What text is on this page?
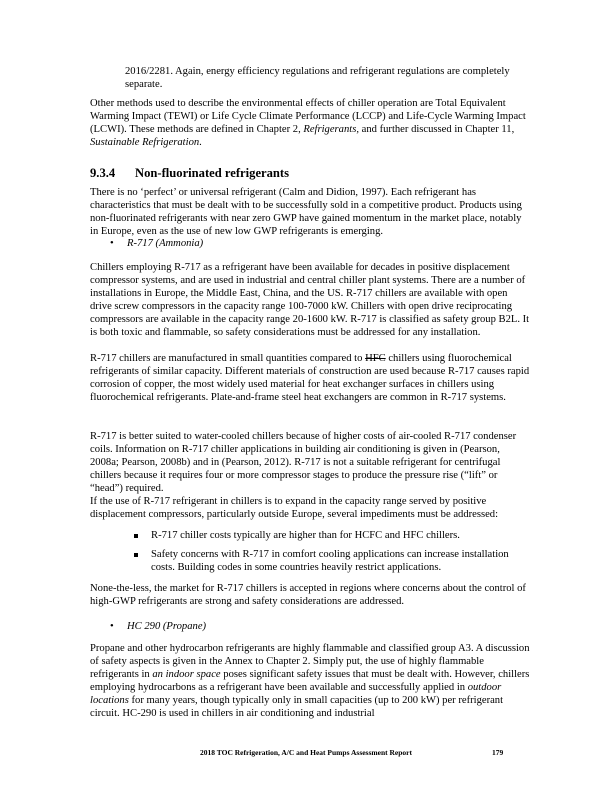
2016/2281. Again, energy efficiency regulations and refrigerant regulations are completely separate.

Other methods used to describe the environmental effects of chiller operation are Total Equivalent Warming Impact (TEWI) or Life Cycle Climate Performance (LCCP) and Life-Cycle Warming Impact (LCWI). These methods are defined in Chapter 2, Refrigerants, and further discussed in Chapter 11, Sustainable Refrigeration.

9.3.4 Non-fluorinated refrigerants

There is no ‘perfect’ or universal refrigerant (Calm and Didion, 1997). Each refrigerant has characteristics that must be dealt with to be successfully sold in a competitive product. Products using non-fluorinated refrigerants with near zero GWP have gained momentum in the market place, notably in Europe, even as the use of new low GWP refrigerants is emerging.

• R-717 (Ammonia)

Chillers employing R-717 as a refrigerant have been available for decades in positive displacement compressor systems, and are used in industrial and central chiller plant systems. There are a number of installations in Europe, the Middle East, China, and the US. R-717 chillers are available with open drive screw compressors in the capacity range 100-7000 kW. Chillers with open drive reciprocating compressors are available in the capacity range 20-1600 kW. R-717 is classified as safety group B2L. It is both toxic and flammable, so safety considerations must be addressed for any installation.

R-717 chillers are manufactured in small quantities compared to HFC chillers using fluorochemical refrigerants of similar capacity. Different materials of construction are used because R-717 causes rapid corrosion of copper, the most widely used material for heat exchanger surfaces in chillers using fluorochemical refrigerants. Plate-and-frame steel heat exchangers are common in R-717 systems.

R-717 is better suited to water-cooled chillers because of higher costs of air-cooled R-717 condenser coils. Information on R-717 chiller applications in building air conditioning is given in (Pearson, 2008a; Pearson, 2008b) and in (Pearson, 2012). R-717 is not a suitable refrigerant for centrifugal chillers because it requires four or more compressor stages to produce the pressure rise (“lift” or “head”) required.

If the use of R-717 refrigerant in chillers is to expand in the capacity range served by positive displacement compressors, particularly outside Europe, several impediments must be addressed:

R-717 chiller costs typically are higher than for HCFC and HFC chillers.
Safety concerns with R-717 in comfort cooling applications can increase installation costs. Building codes in some countries heavily restrict applications.

None-the-less, the market for R-717 chillers is accepted in regions where concerns about the control of high-GWP refrigerants are strong and safety considerations are addressed.

• HC 290 (Propane)

Propane and other hydrocarbon refrigerants are highly flammable and classified group A3. A discussion of safety aspects is given in the Annex to Chapter 2. Simply put, the use of highly flammable refrigerants in an indoor space poses significant safety issues that must be dealt with. However, chillers employing hydrocarbons as a refrigerant have been available and successfully applied in outdoor locations for many years, though typically only in small capacities (up to 200 kW) per refrigerant circuit. HC-290 is used in chillers in air conditioning and industrial

2018 TOC Refrigeration, A/C and Heat Pumps Assessment Report	179
